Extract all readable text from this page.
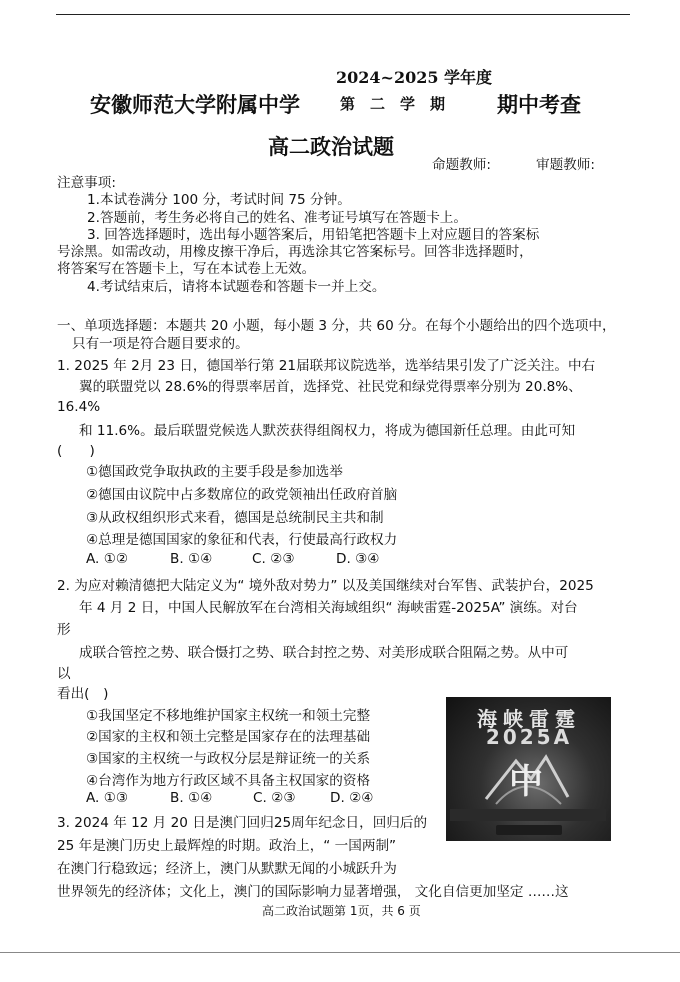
安徽师范大学附属中学
2024~2025 学年度
第　二　学　期 期中考查
高二政治试题
命题教师:	审题教师:
注意事项:
1.本试卷满分 100 分，考试时间 75 分钟。
2.答题前，考生务必将自己的姓名、准考证号填写在答题卡上。
3. 回答选择题时，选出每小题答案后，用铅笔把答题卡上对应题目的答案标
号涂黑。如需改动，用橡皮擦干净后，再选涂其它答案标号。回答非选择题时，
将答案写在答题卡上，写在本试卷上无效。
4.考试结束后，请将本试题卷和答题卡一并上交。
一、单项选择题：本题共 20 小题，每小题 3 分，共 60 分。在每个小题给出的四个选项中，
只有一项是符合题目要求的。
1. 2025 年 2月 23 日，德国举行第 21届联邦议院选举，选举结果引发了广泛关注。中右
翼的联盟党以 28.6%的得票率居首，选择党、社民党和绿党得票率分别为 20.8%、
16.4%
和 11.6%。最后联盟党候选人默茨获得组阁权力，将成为德国新任总理。由此可知
(　　)
①德国政党争取执政的主要手段是参加选举
②德国由议院中占多数席位的政党领袖出任政府首脑
③从政权组织形式来看，德国是总统制民主共和制
④总理是德国国家的象征和代表，行使最高行政权力
A. ①②	B. ①④	C. ②③	D. ③④
2. 为应对赖清德把大陆定义为“ 境外敌对势力” 以及美国继续对台军售、武装护台，2025
年 4 月 2 日，中国人民解放军在台湾相关海域组织“ 海峡雷霆-2025A” 演练。对台
形
成联合管控之势、联合慑打之势、联合封控之势、对美形成联合阻隔之势。从中可
以
看出(　)
①我国坚定不移地维护国家主权统一和领土完整
②国家的主权和领土完整是国家存在的法理基础
③国家的主权统一与政权分层是辩证统一的关系
④台湾作为地方行政区域不具备主权国家的资格
A. ①③	B. ①④	C. ②③	D. ②④
海峡雷霆
2025A
中
3. 2024 年 12 月 20 日是澳门回归25周年纪念日，回归后的
25 年是澳门历史上最辉煌的时期。政治上，“ 一国两制”
在澳门行稳致远；经济上，澳门从默默无闻的小城跃升为
世界领先的经济体；文化上，澳门的国际影响力显著增强， 文化自信更加坚定 ……这
高二政治试题第 1页，共 6 页
